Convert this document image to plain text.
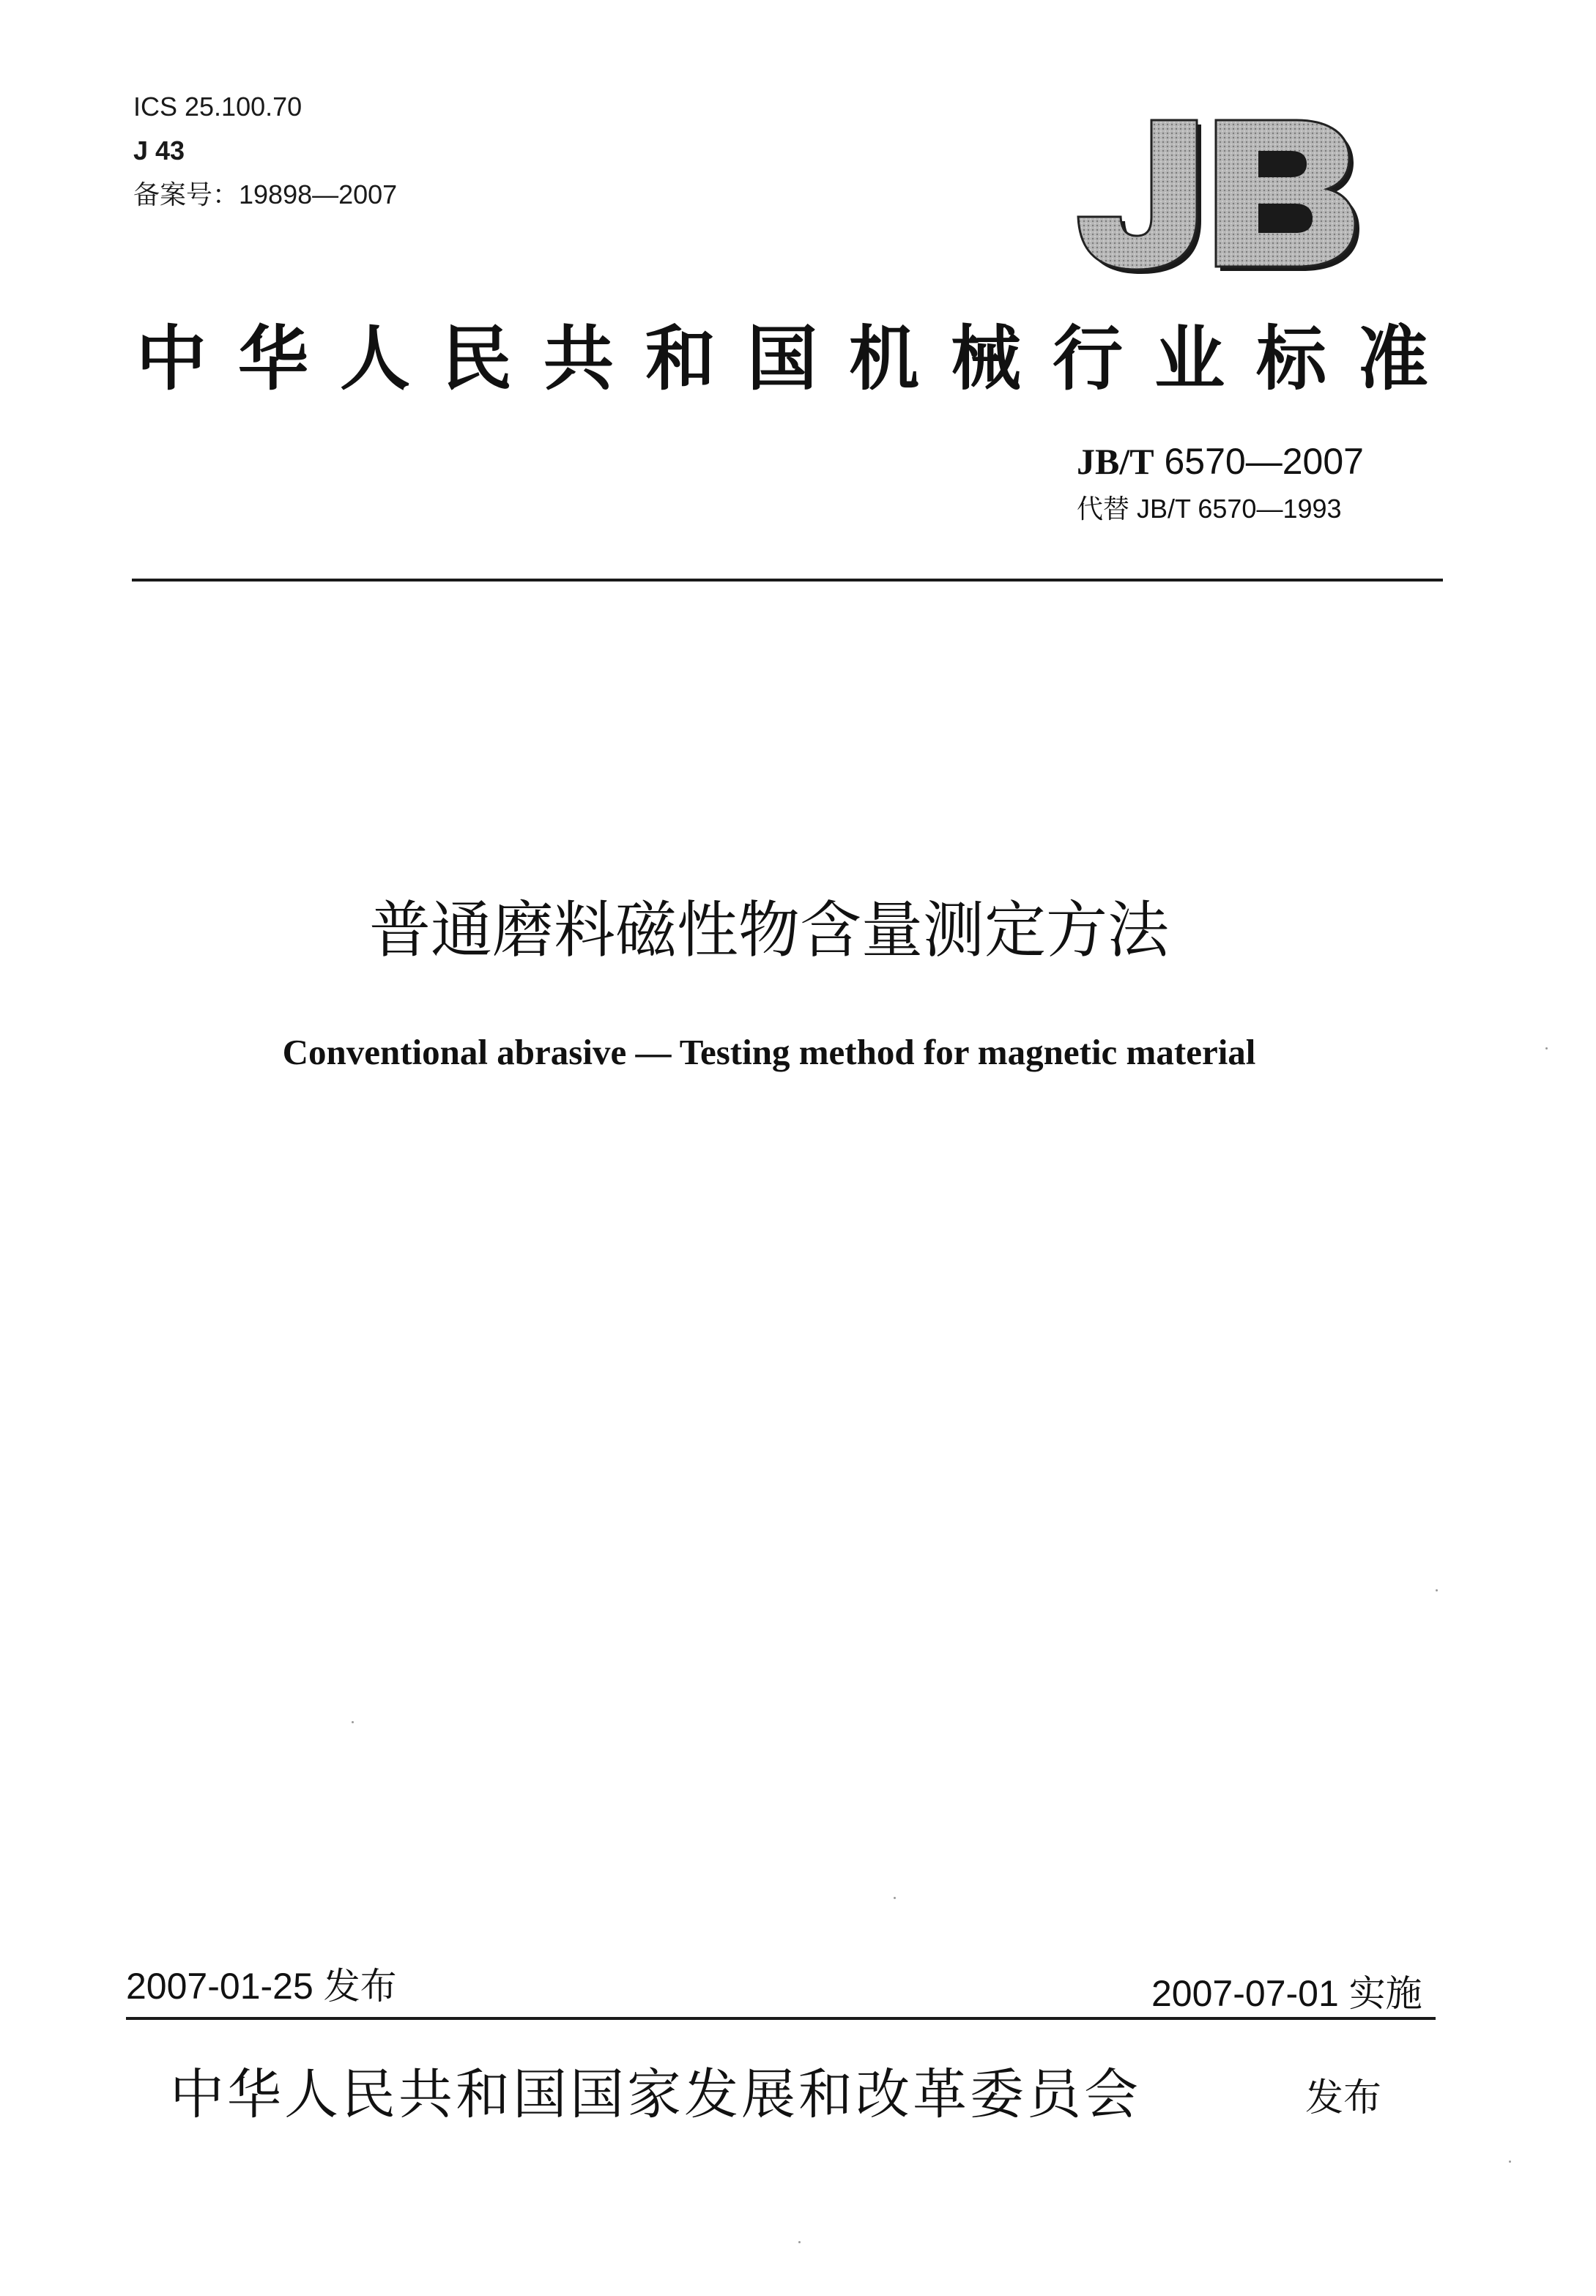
ICS 25.100.70
J 43
备案号：19898—2007
中华人民共和国机械行业标准
JB/T 6570—2007
代替 JB/T 6570—1993
普通磨料磁性物含量测定方法
Conventional abrasive — Testing method for magnetic material
2007-01-25 发布	2007-07-01 实施
中华人民共和国国家发展和改革委员会	发布
